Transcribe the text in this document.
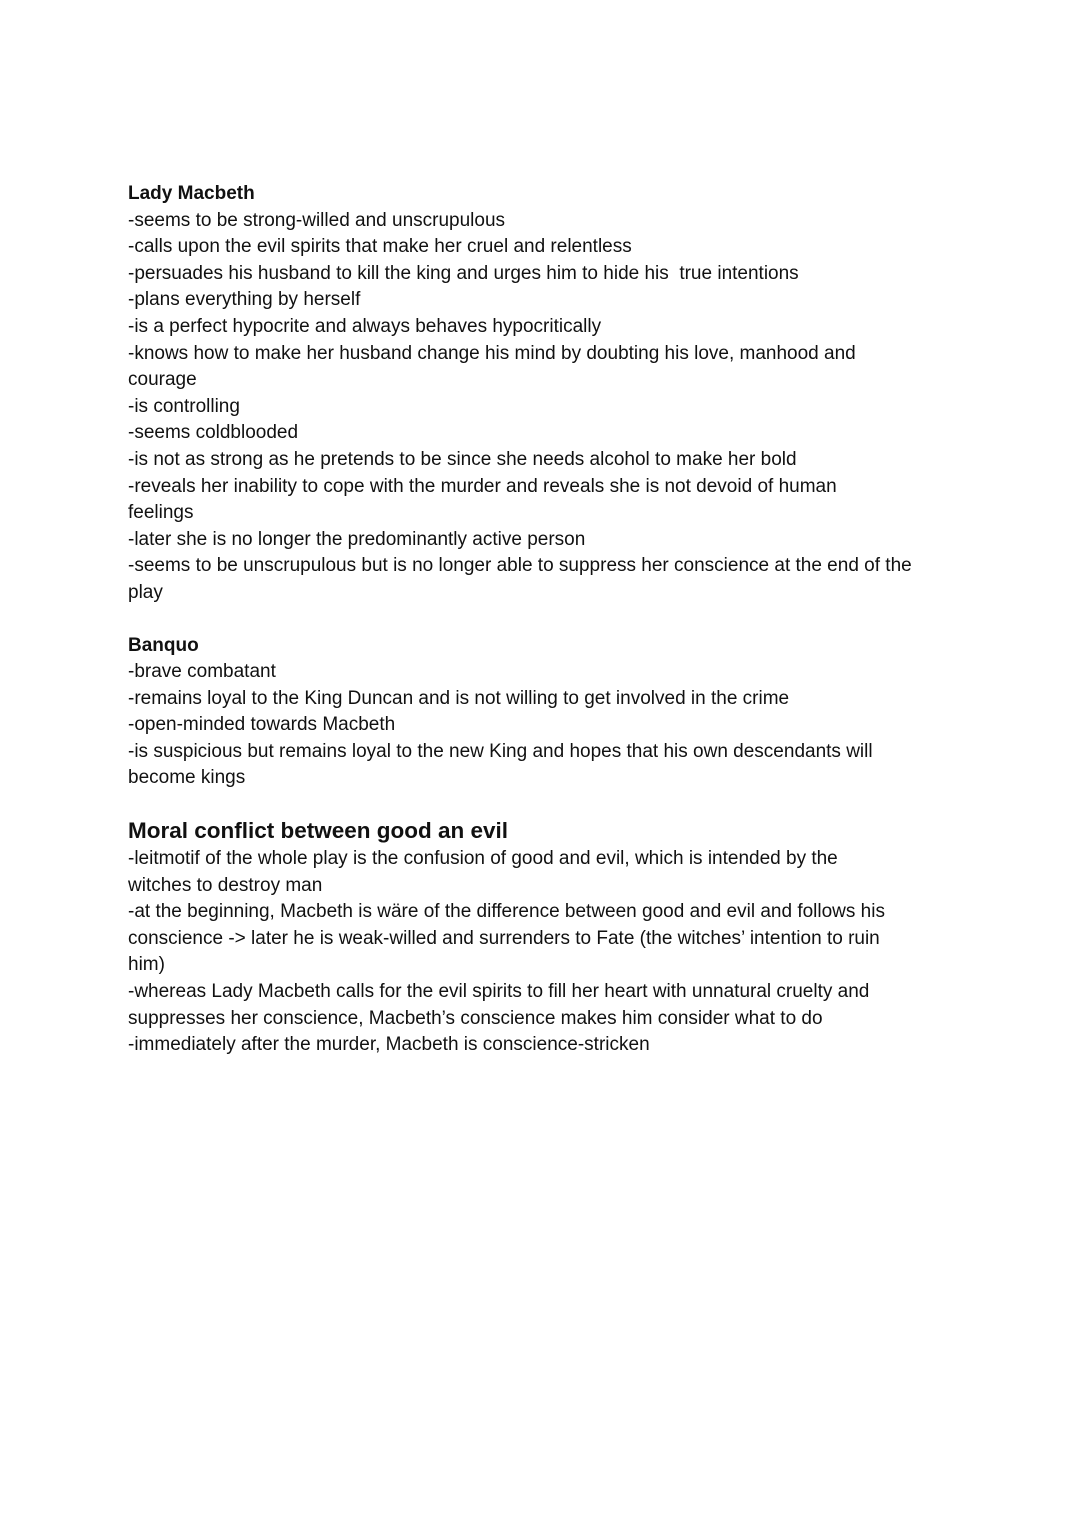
Lady Macbeth

-seems to be strong-willed and unscrupulous

-calls upon the evil spirits that make her cruel and relentless

-persuades his husband to kill the king and urges him to hide his  true intentions

-plans everything by herself

-is a perfect hypocrite and always behaves hypocritically

-knows how to make her husband change his mind by doubting his love, manhood and

courage

-is controlling

-seems coldblooded

-is not as strong as he pretends to be since she needs alcohol to make her bold

-reveals her inability to cope with the murder and reveals she is not devoid of human

feelings

-later she is no longer the predominantly active person

-seems to be unscrupulous but is no longer able to suppress her conscience at the end of the

play

Banquo

-brave combatant

-remains loyal to the King Duncan and is not willing to get involved in the crime

-open-minded towards Macbeth

-is suspicious but remains loyal to the new King and hopes that his own descendants will

become kings

Moral conflict between good an evil

-leitmotif of the whole play is the confusion of good and evil, which is intended by the

witches to destroy man

-at the beginning, Macbeth is wäre of the difference between good and evil and follows his

conscience -> later he is weak-willed and surrenders to Fate (the witches’ intention to ruin

him)

-whereas Lady Macbeth calls for the evil spirits to fill her heart with unnatural cruelty and

suppresses her conscience, Macbeth’s conscience makes him consider what to do

-immediately after the murder, Macbeth is conscience-stricken
